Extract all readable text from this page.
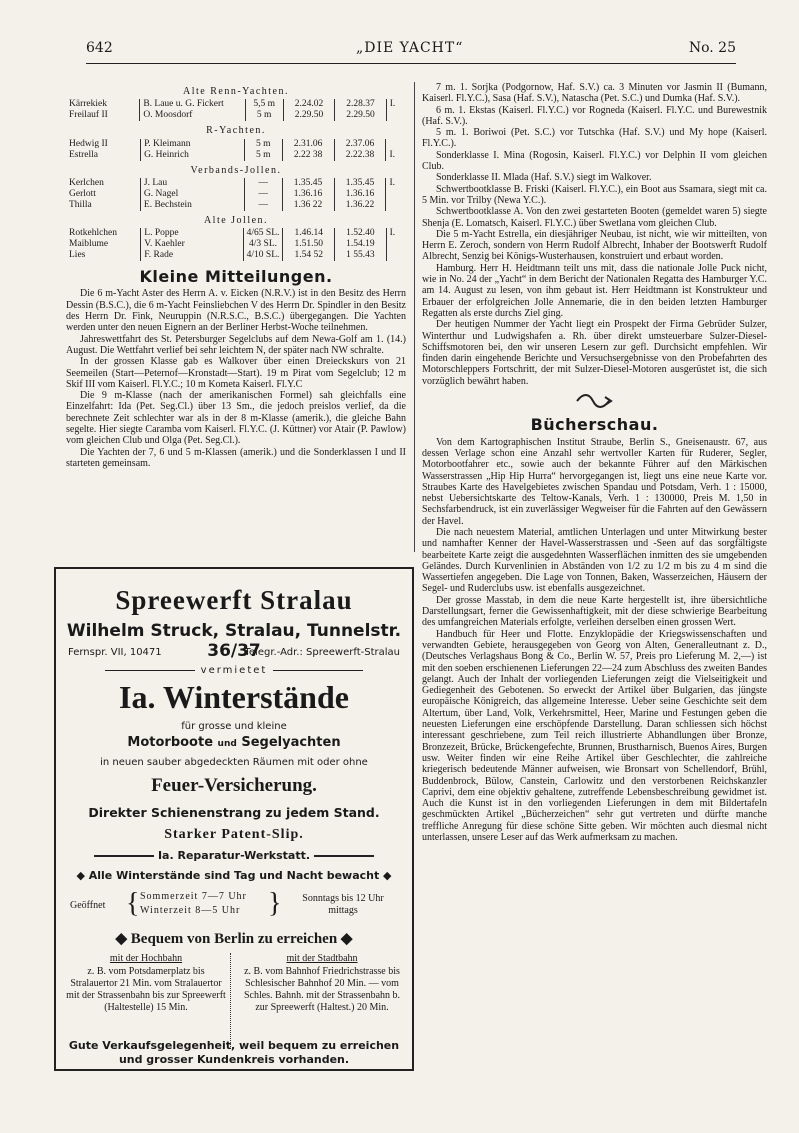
642	„DIE YACHT“	No. 25
Alte Renn-Yachten.
Kärrekiek	B. Laue u. G. Fickert	5,5 m	2.24.02	2.28.37	I.
Freilauf II	O. Moosdorf	5 m	2.29.50	2.29.50	
R-Yachten.
Hedwig II	P. Kleimann	5 m	2.31.06	2.37.06	
Estrella	G. Heinrich	5 m	2.22 38	2.22.38	I.
Verbands-Jollen.
Kerlchen	J. Lau	—	1.35.45	1.35.45	I.
Gerlott	G. Nagel	—	1.36.16	1.36.16	
Thilla	E. Bechstein	—	1.36 22	1.36.22	
Alte Jollen.
Rotkehlchen	L. Poppe	4/65 SL.	1.46.14	1.52.40	I.
Maiblume	V. Kaehler	4/3 SL.	1.51.50	1.54.19	
Lies	F. Rade	4/10 SL.	1.54 52	1 55.43	
Kleine Mitteilungen.

Die 6 m-Yacht Aster des Herrn A. v. Eicken (N.R.V.) ist in den Besitz des Herrn Dessin (B.S.C.), die 6 m-Yacht Feinsliebchen V des Herrn Dr. Spindler in den Besitz des Herrn Dr. Fink, Neuruppin (N.R.S.C., B.S.C.) übergegangen. Die Yachten werden unter den neuen Eignern an der Berliner Herbst-Woche teilnehmen.

Jahreswettfahrt des St. Petersburger Segelclubs auf dem Newa-Golf am 1. (14.) August. Die Wettfahrt verlief bei sehr leichtem N, der später nach NW schralte.

In der grossen Klasse gab es Walkover über einen Dreieckskurs von 21 Seemeilen (Start—Peternof—Kronstadt—Start). 19 m Pirat vom Segelclub; 12 m Skif III vom Kaiserl. Fl.Y.C.; 10 m Kometa Kaiserl. Fl.Y.C

Die 9 m-Klasse (nach der amerikanischen Formel) sah gleichfalls eine Einzelfahrt: Ida (Pet. Seg.Cl.) über 13 Sm., die jedoch preislos verlief, da die berechnete Zeit schlechter war als in der 8 m-Klasse (amerik.), die gleiche Bahn segelte. Hier siegte Caramba vom Kaiserl. Fl.Y.C. (J. Küttner) vor Atair (P. Pawlow) vom gleichen Club und Olga (Pet. Seg.Cl.).

Die Yachten der 7, 6 und 5 m-Klassen (amerik.) und die Sonderklassen I und II starteten gemeinsam.

7 m. 1. Sorjka (Podgornow, Haf. S.V.) ca. 3 Minuten vor Jasmin II (Bumann, Kaiserl. Fl.Y.C.), Sasa (Haf. S.V.), Natascha (Pet. S.C.) und Dumka (Haf. S.V.).

6 m. 1. Ekstas (Kaiserl. Fl.Y.C.) vor Rogneda (Kaiserl. Fl.Y.C. und Burewestnik (Haf. S.V.).

5 m. 1. Boriwoi (Pet. S.C.) vor Tutschka (Haf. S.V.) und My hope (Kaiserl. Fl.Y.C.).

Sonderklasse I. Mina (Rogosin, Kaiserl. Fl.Y.C.) vor Delphin II vom gleichen Club.

Sonderklasse II. Mlada (Haf. S.V.) siegt im Walkover.

Schwertbootklasse B. Friski (Kaiserl. Fl.Y.C.), ein Boot aus Ssamara, siegt mit ca. 5 Min. vor Trilby (Newa Y.C.).

Schwertbootklasse A. Von den zwei gestarteten Booten (gemeldet waren 5) siegte Shenja (E. Lomatsch, Kaiserl. Fl.Y.C.) über Swetlana vom gleichen Club.

Die 5 m-Yacht Estrella, ein diesjähriger Neubau, ist nicht, wie wir mitteilten, von Herrn E. Zeroch, sondern von Herrn Rudolf Albrecht, Inhaber der Bootswerft Rudolf Albrecht, Senzig bei Königs-Wusterhausen, konstruiert und erbaut worden.

Hamburg. Herr H. Heidtmann teilt uns mit, dass die nationale Jolle Puck nicht, wie in No. 24 der „Yacht“ in dem Bericht der Nationalen Regatta des Hamburger Y.C. am 14. August zu lesen, von ihm gebaut ist. Herr Heidtmann ist Konstrukteur und Erbauer der erfolgreichen Jolle Annemarie, die in den beiden letzten Hamburger Regatten als erste durchs Ziel ging.

Der heutigen Nummer der Yacht liegt ein Prospekt der Firma Gebrüder Sulzer, Winterthur und Ludwigshafen a. Rh. über direkt umsteuerbare Sulzer-Diesel-Schiffsmotoren bei, den wir unseren Lesern zur gefl. Durchsicht empfehlen. Wir finden darin eingehende Berichte und Versuchsergebnisse von den Probefahrten des Motorschleppers Fortschritt, der mit Sulzer-Diesel-Motoren ausgerüstet ist, die sich vorzüglich bewährt haben.

Bücherschau.

Von dem Kartographischen Institut Straube, Berlin S., Gneisenaustr. 67, aus dessen Verlage schon eine Anzahl sehr wertvoller Karten für Ruderer, Segler, Motorbootfahrer etc., sowie auch der bekannte Führer auf den Märkischen Wasserstrassen „Hip Hip Hurra“ hervorgegangen ist, liegt uns eine neue Karte vor. Straubes Karte des Havelgebietes zwischen Spandau und Potsdam, Verh. 1 : 15000, nebst Uebersichtskarte des Teltow-Kanals, Verh. 1 : 130000, Preis M. 1,50 in Sechsfarbendruck, ist ein zuverlässiger Wegweiser für die Fahrten auf den Gewässern der Havel.

Die nach neuestem Material, amtlichen Unterlagen und unter Mitwirkung bester und namhafter Kenner der Havel-Wasserstrassen und -Seen auf das sorgfältigste bearbeitete Karte zeigt die ausgedehnten Wasserflächen inmitten des sie umgebenden Geländes. Durch Kurvenlinien in Abständen von 1/2 zu 1/2 m bis zu 4 m sind die Wassertiefen angegeben. Die Lage von Tonnen, Baken, Wasserzeichen, Häusern der Segel- und Ruderclubs usw. ist ebenfalls ausgezeichnet.

Der grosse Masstab, in dem die neue Karte hergestellt ist, ihre übersichtliche Darstellungsart, ferner die Gewissenhaftigkeit, mit der diese schwierige Bearbeitung des umfangreichen Materials erfolgte, verleihen derselben einen grossen Wert.

Handbuch für Heer und Flotte. Enzyklopädie der Kriegswissenschaften und verwandten Gebiete, herausgegeben von Georg von Alten, Generalleutnant z. D., (Deutsches Verlagshaus Bong & Co., Berlin W. 57, Preis pro Lieferung M. 2,—) ist mit den soeben erschienenen Lieferungen 22—24 zum Abschluss des zweiten Bandes gelangt. Auch der Inhalt der vorliegenden Lieferungen zeigt die Vielseitigkeit und Gediegenheit des Gebotenen. So erweckt der Artikel über Bulgarien, das jüngste europäische Königreich, das allgemeine Interesse. Ueber seine Geschichte seit dem Altertum, über Land, Volk, Verkehrsmittel, Heer, Marine und Festungen geben die neuesten Lieferungen eine erschöpfende Darstellung. Daran schliessen sich höchst interessant geschriebene, zum Teil reich illustrierte Abhandlungen über Bronze, Bronzezeit, Brücke, Brückengefechte, Brunnen, Brustharnisch, Buenos Aires, Burgen usw. Weiter finden wir eine Reihe Artikel über Geschlechter, die zahlreiche kriegerisch bedeutende Männer aufweisen, wie Bronsart von Schellendorf, Brühl, Buddenbrock, Bülow, Canstein, Carlowitz und den verstorbenen Reichskanzler Caprivi, dem eine objektiv gehaltene, zutreffende Lebensbeschreibung gewidmet ist. Auch die Kunst ist in den vorliegenden Lieferungen in dem mit Bildertafeln geschmückten Artikel „Bücherzeichen“ sehr gut vertreten und dürfte manche treffliche Anregung für diese schöne Sitte geben. Wir möchten auch diesmal nicht unterlassen, unsere Leser auf das Werk aufmerksam zu machen.

Spreewerft Stralau
Wilhelm Struck, Stralau, Tunnelstr. 36/37
Fernspr. VII, 10471	Telegr.-Adr.: Spreewerft-Stralau
vermietet
Ia. Winterstände
für grosse und kleine
Motorboote und Segelyachten
in neuen sauber abgedeckten Räumen mit oder ohne
Feuer-Versicherung.
Direkter Schienenstrang zu jedem Stand.
Starker Patent-Slip.
Ia. Reparatur-Werkstatt.
◆ Alle Winterstände sind Tag und Nacht bewacht ◆
Geöffnet { Sommerzeit 7—7 Uhr
Winterzeit 8—5 Uhr }	Sonntags bis 12 Uhr mittags
◆ Bequem von Berlin zu erreichen ◆
mit der Hochbahn
z. B. vom Potsdamerplatz bis Stralauertor 21 Min. vom Stralauertor mit der Strassenbahn bis zur Spreewerft (Haltestelle) 15 Min.
mit der Stadtbahn
z. B. vom Bahnhof Friedrichstrasse bis Schlesischer Bahnhof 20 Min. — vom Schles. Bahnh. mit der Strassenbahn b. zur Spreewerft (Haltest.) 20 Min.
Gute Verkaufsgelegenheit, weil bequem zu erreichen
und grosser Kundenkreis vorhanden.
